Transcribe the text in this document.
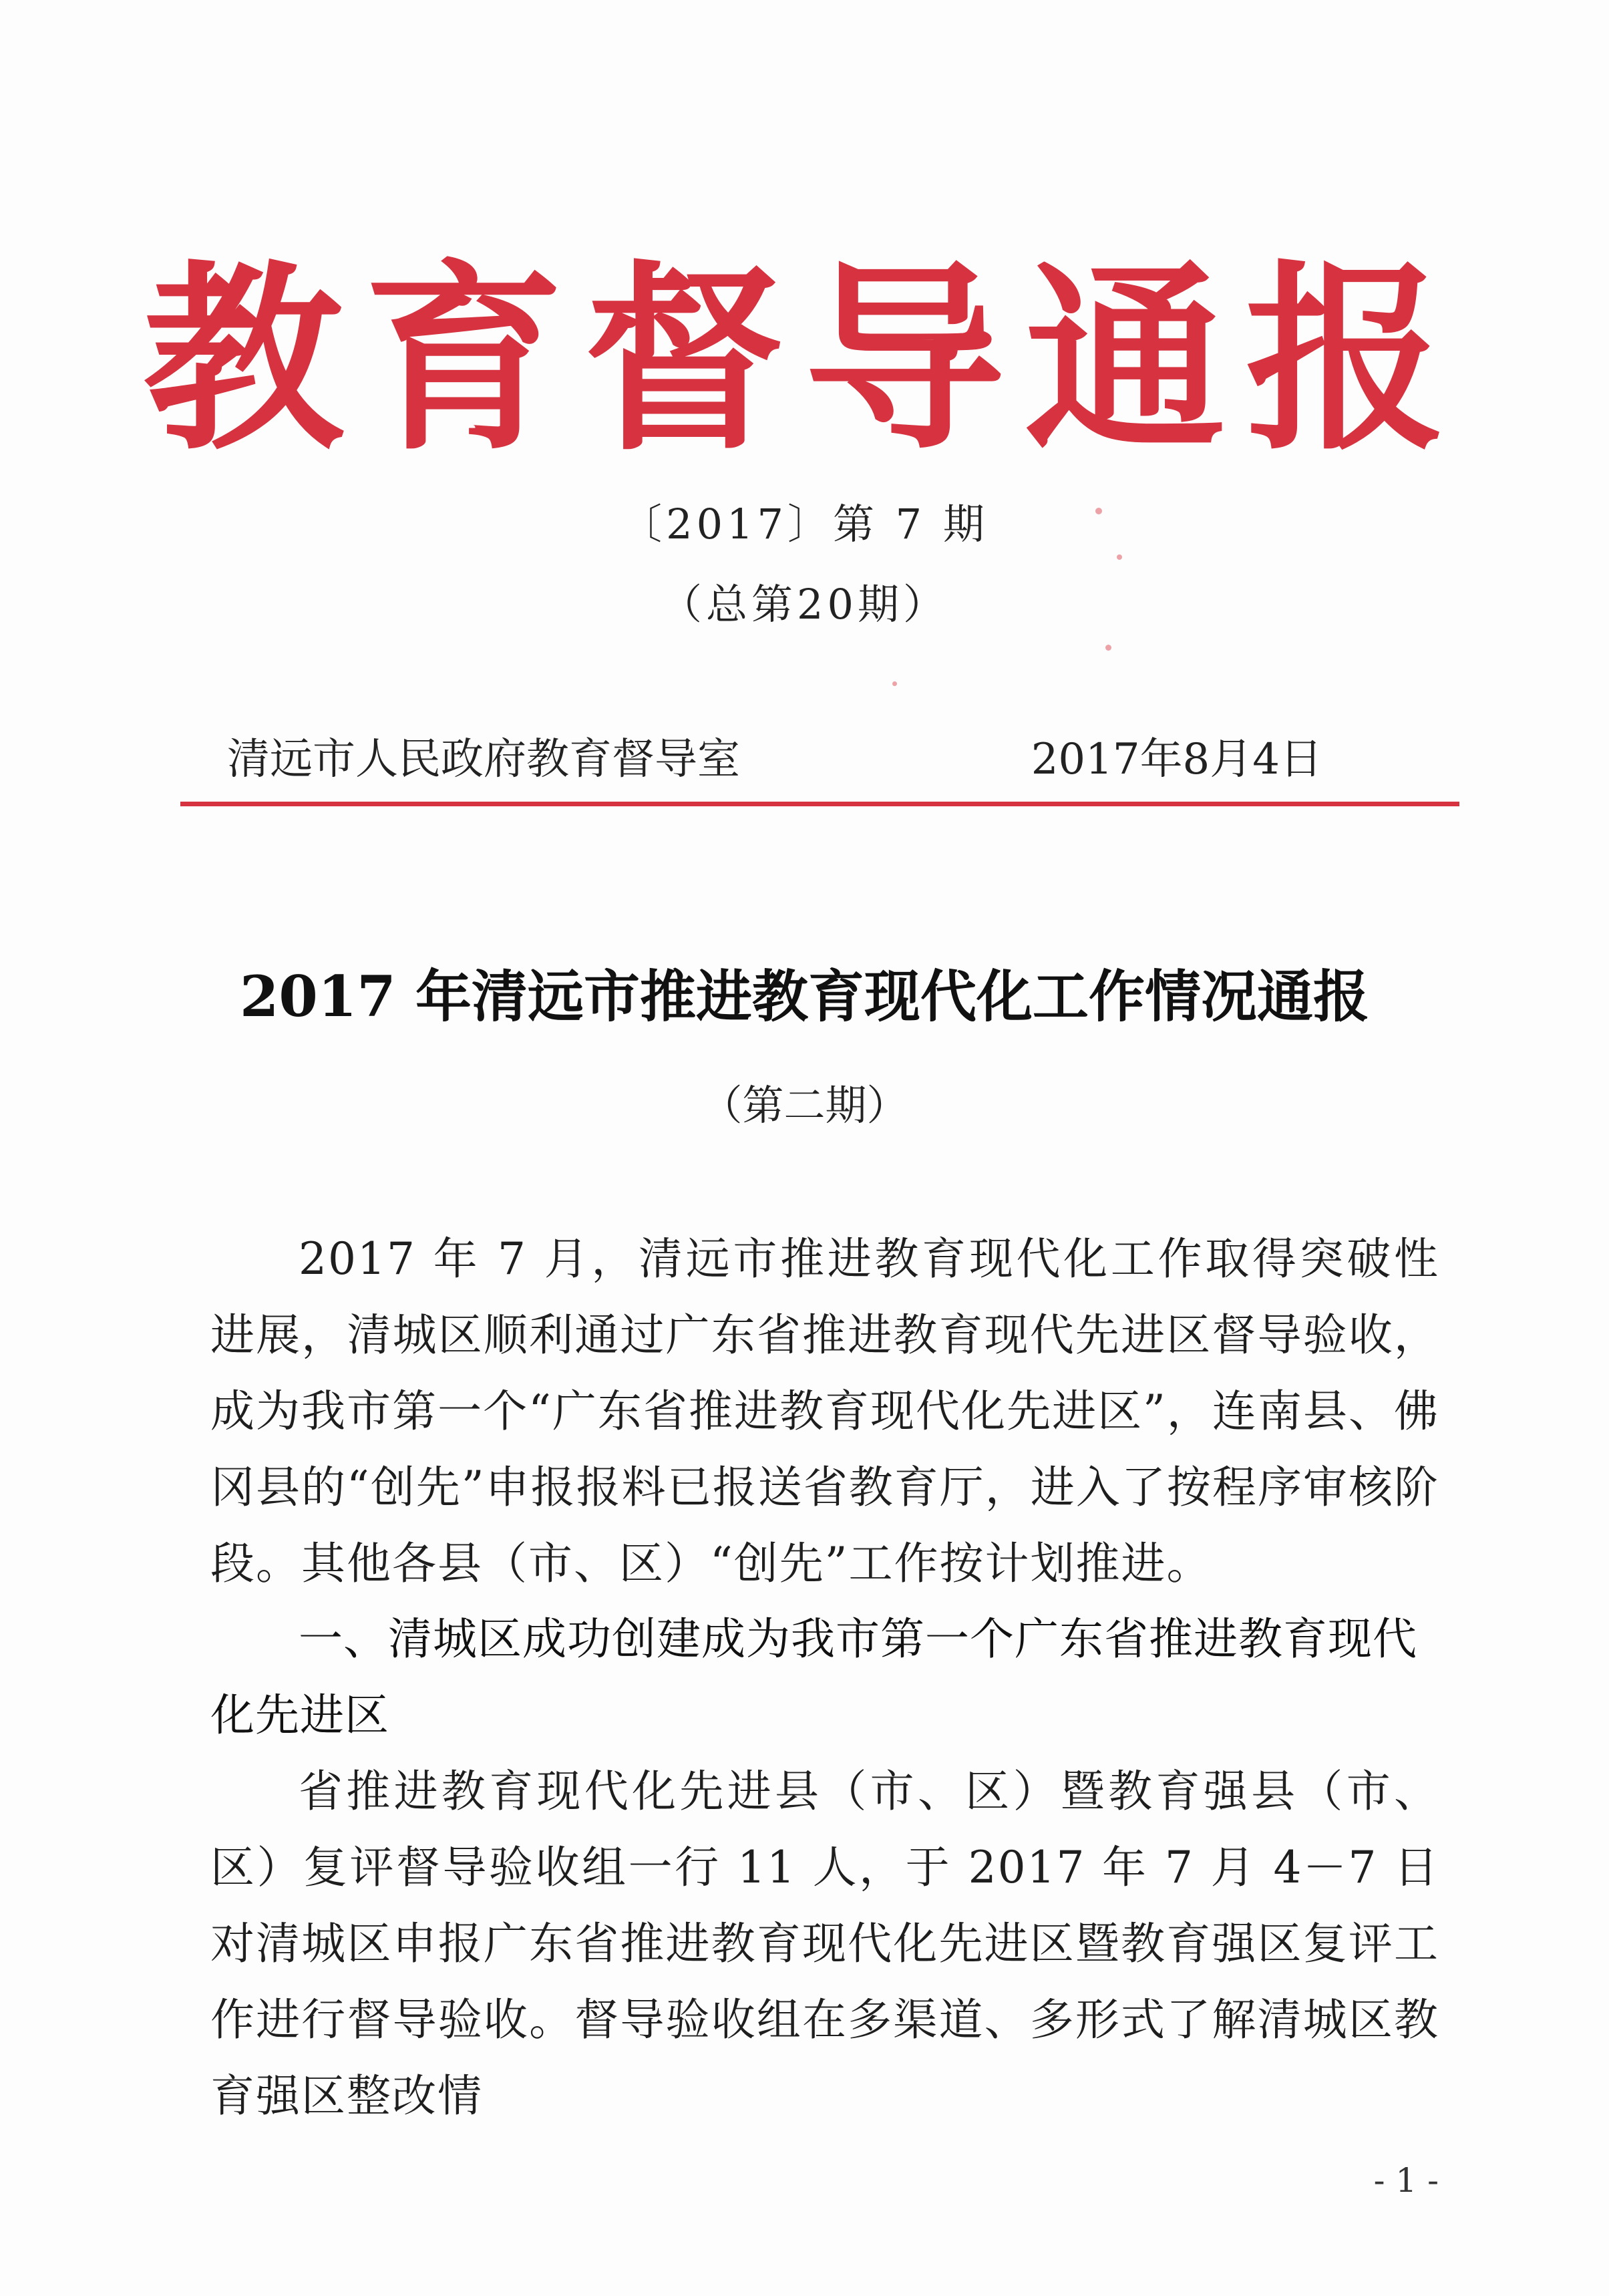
教育督导通报
〔2017〕第 7 期
（总第20期）
清远市人民政府教育督导室	2017年8月4日
2017 年清远市推进教育现代化工作情况通报
（第二期）
2017 年 7 月，清远市推进教育现代化工作取得突破性进展，清城区顺利通过广东省推进教育现代先进区督导验收，成为我市第一个“广东省推进教育现代化先进区”，连南县、佛冈县的“创先”申报报料已报送省教育厅，进入了按程序审核阶段。其他各县（市、区）“创先”工作按计划推进。
一、清城区成功创建成为我市第一个广东省推进教育现代化先进区
省推进教育现代化先进县（市、区）暨教育强县（市、区）复评督导验收组一行 11 人，于 2017 年 7 月 4－7 日对清城区申报广东省推进教育现代化先进区暨教育强区复评工作进行督导验收。督导验收组在多渠道、多形式了解清城区教育强区整改情
- 1 -
